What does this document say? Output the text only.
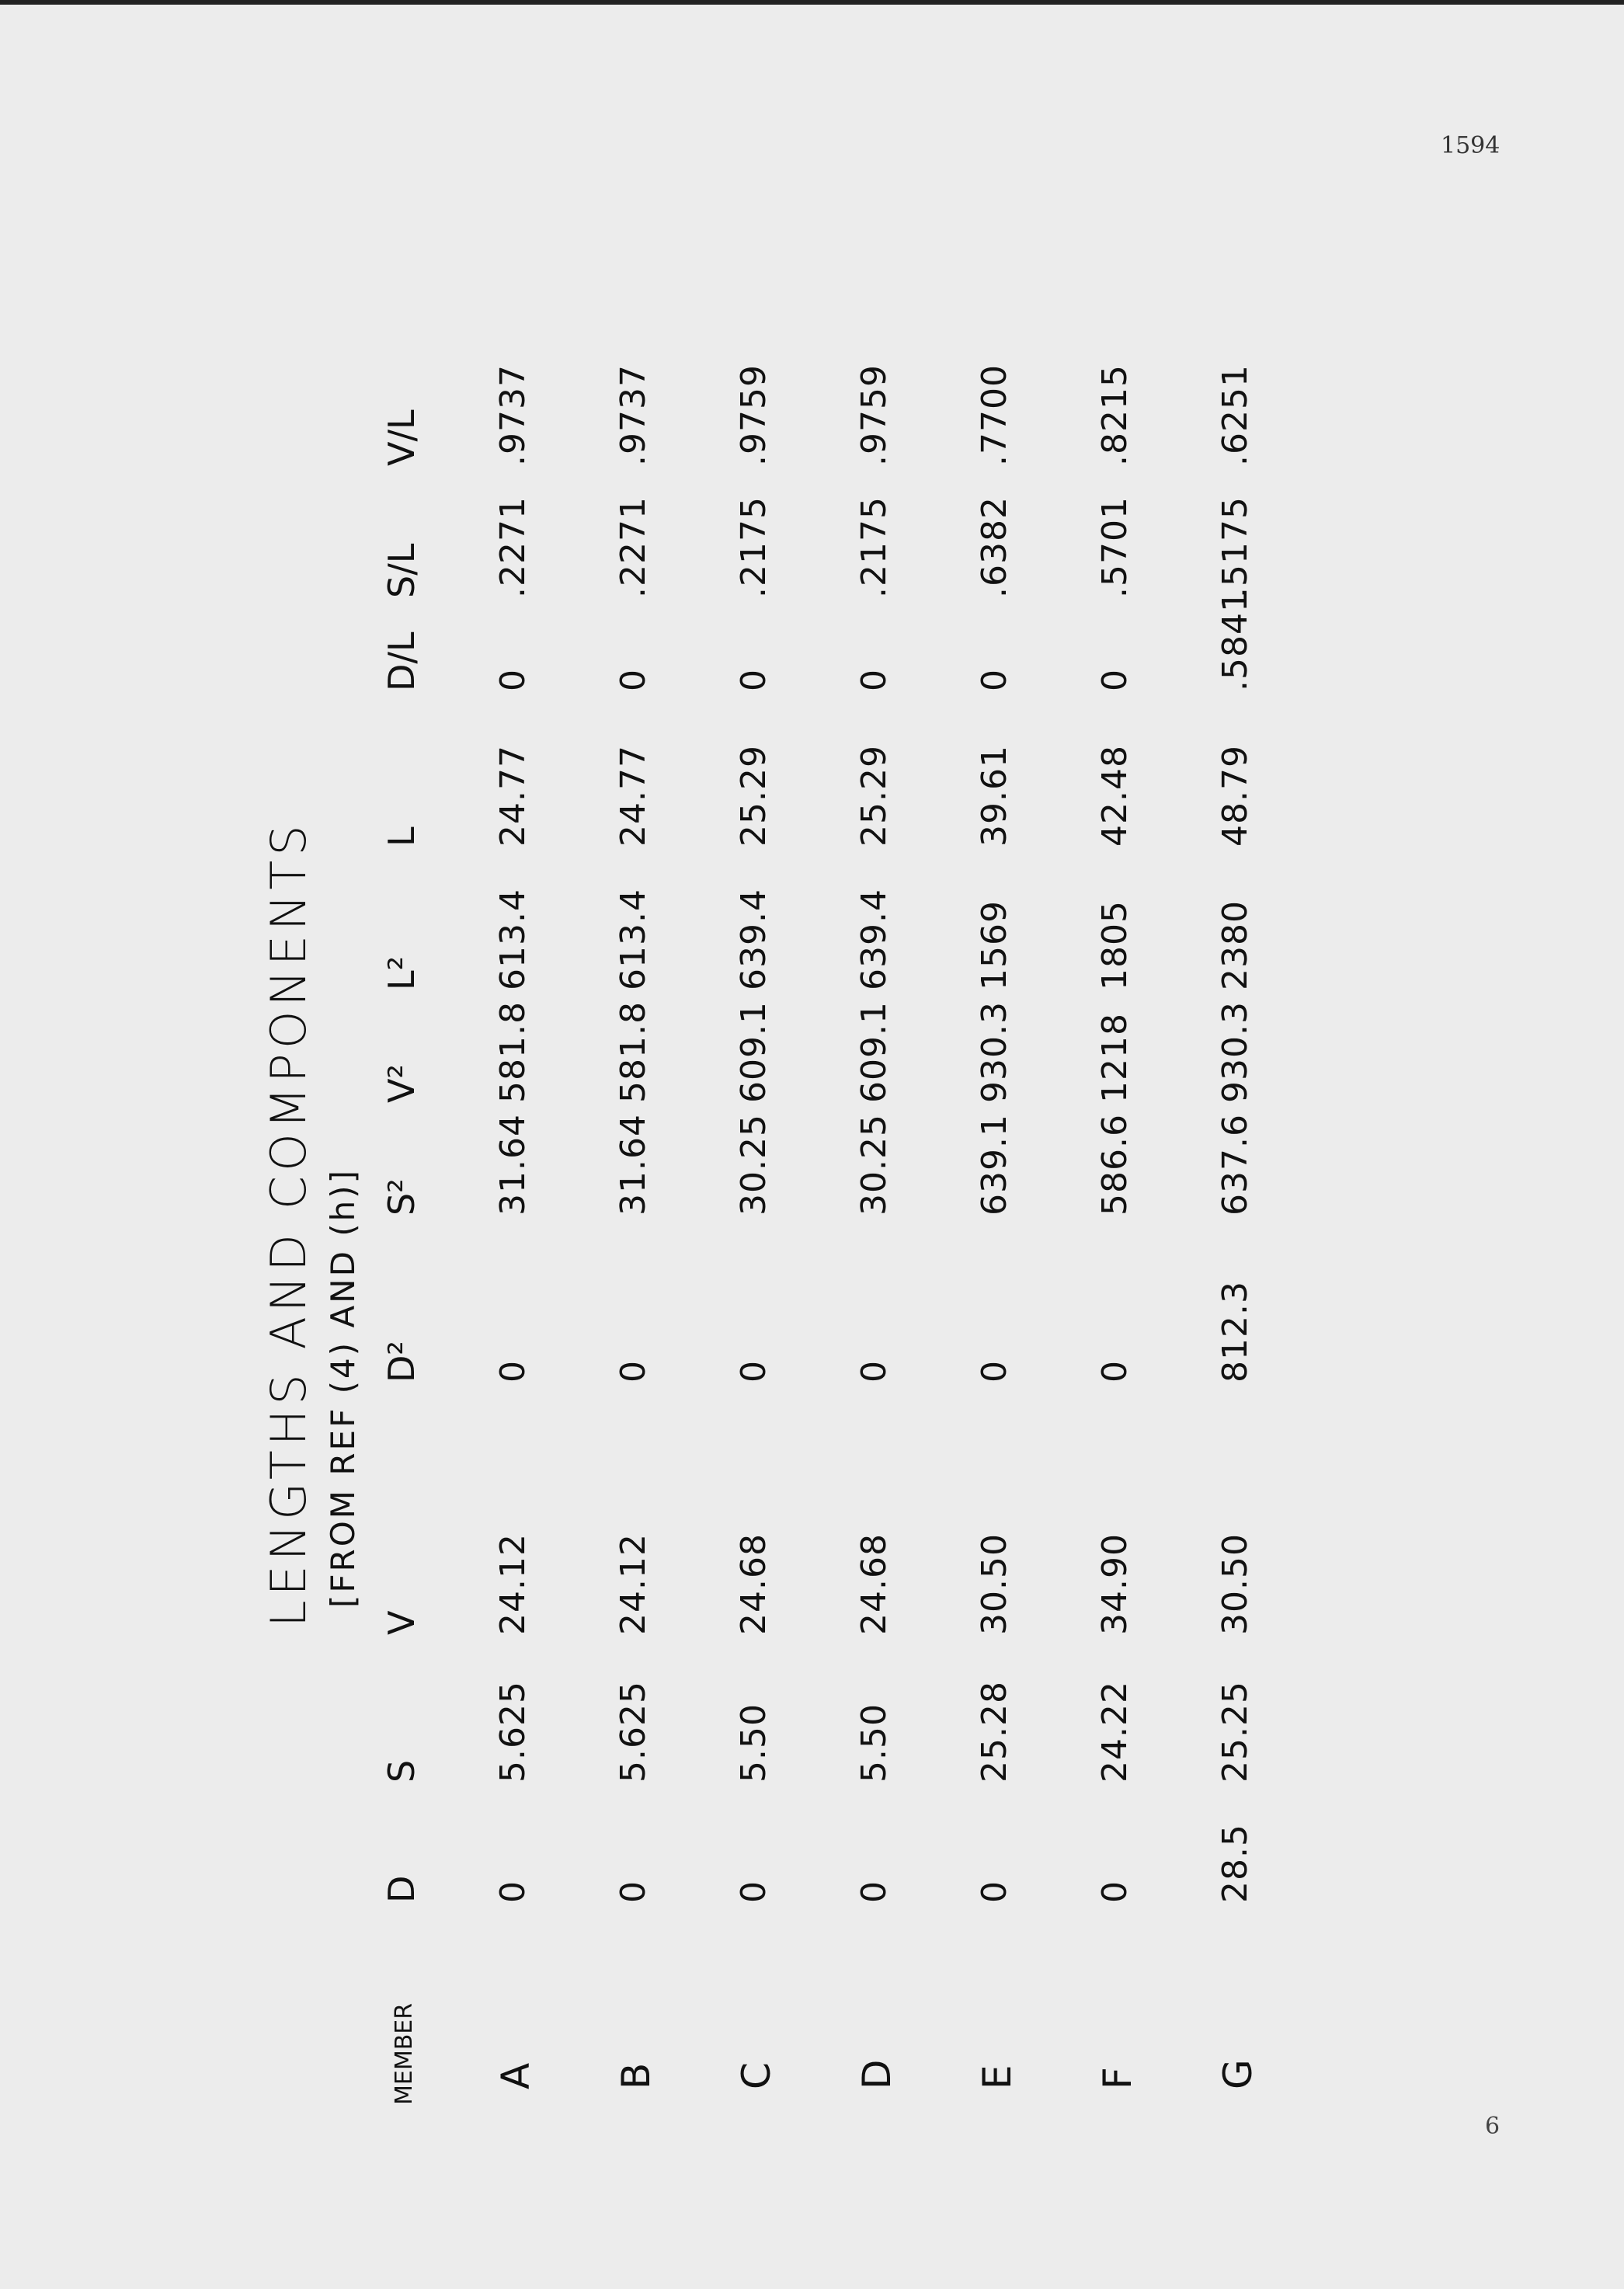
1594
6
LENGTHS AND COMPONENTS [FROM REF (4) AND (h)]
MEMBER
D
S
V
D²
S²
V²
L²
L
D/L
S/L
V/L
A
0
5.625
24.12
0
31.64
581.8
613.4
24.77
0
.2271
.9737
B
0
5.625
24.12
0
31.64
581.8
613.4
24.77
0
.2271
.9737
C
0
5.50
24.68
0
30.25
609.1
639.4
25.29
0
.2175
.9759
D
0
5.50
24.68
0
30.25
609.1
639.4
25.29
0
.2175
.9759
E
0
25.28
30.50
0
639.1
930.3
1569
39.61
0
.6382
.7700
F
0
24.22
34.90
0
586.6
1218
1805
42.48
0
.5701
.8215
G
28.5
25.25
30.50
812.3
637.6
930.3
2380
48.79
.5841
.5175
.6251
